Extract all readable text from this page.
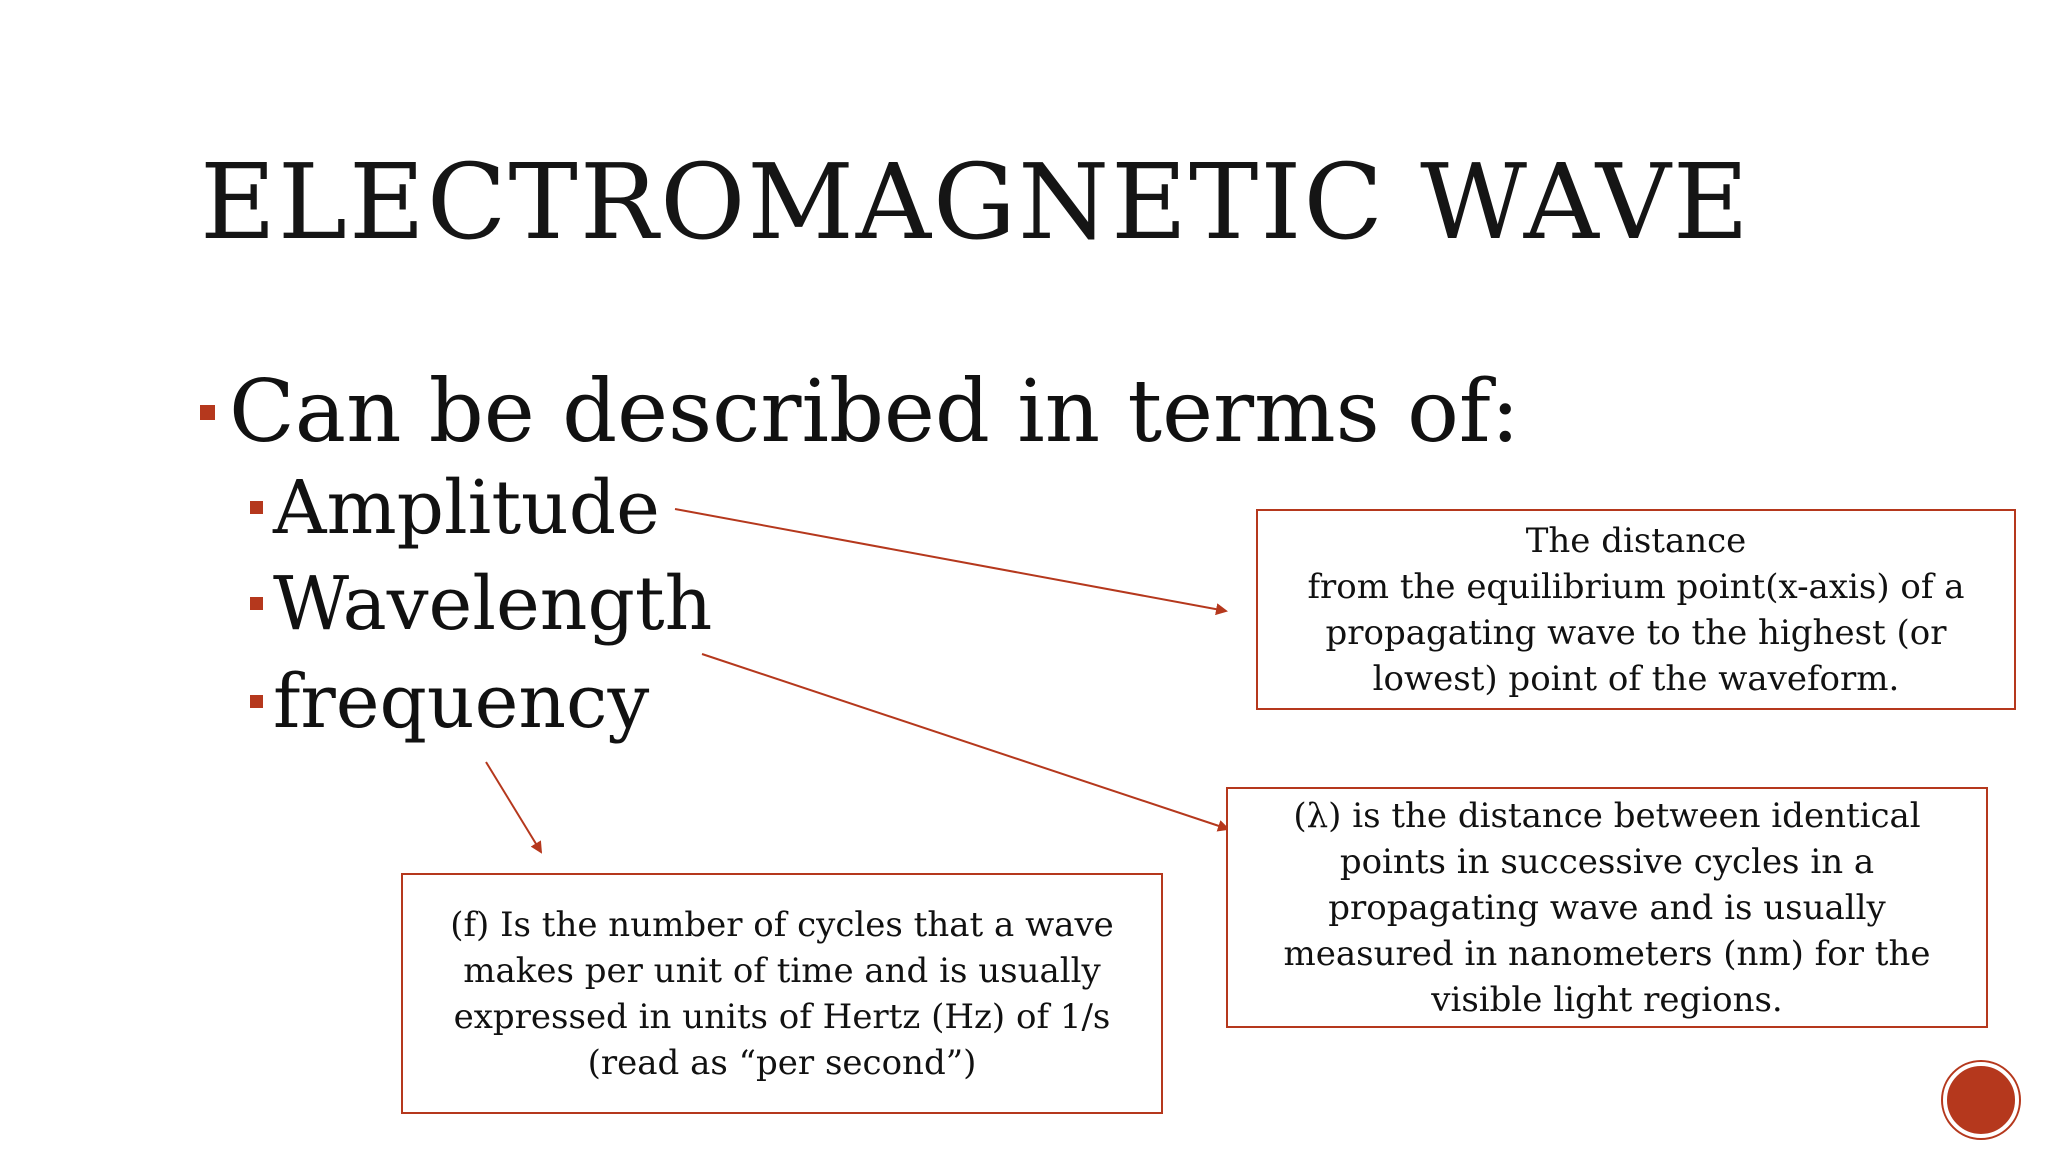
ELECTROMAGNETIC WAVE
Can be described in terms of:
Amplitude
Wavelength
frequency
The distance
from the equilibrium point(x-axis) of a
propagating wave to the highest (or
lowest) point of the waveform.
(λ) is the distance between identical
points in successive cycles in a
propagating wave and is usually
measured in nanometers (nm) for the
visible light regions.
(f) Is the number of cycles that a wave
makes per unit of time and is usually
expressed in units of Hertz (Hz) of 1/s
(read as “per second”)
